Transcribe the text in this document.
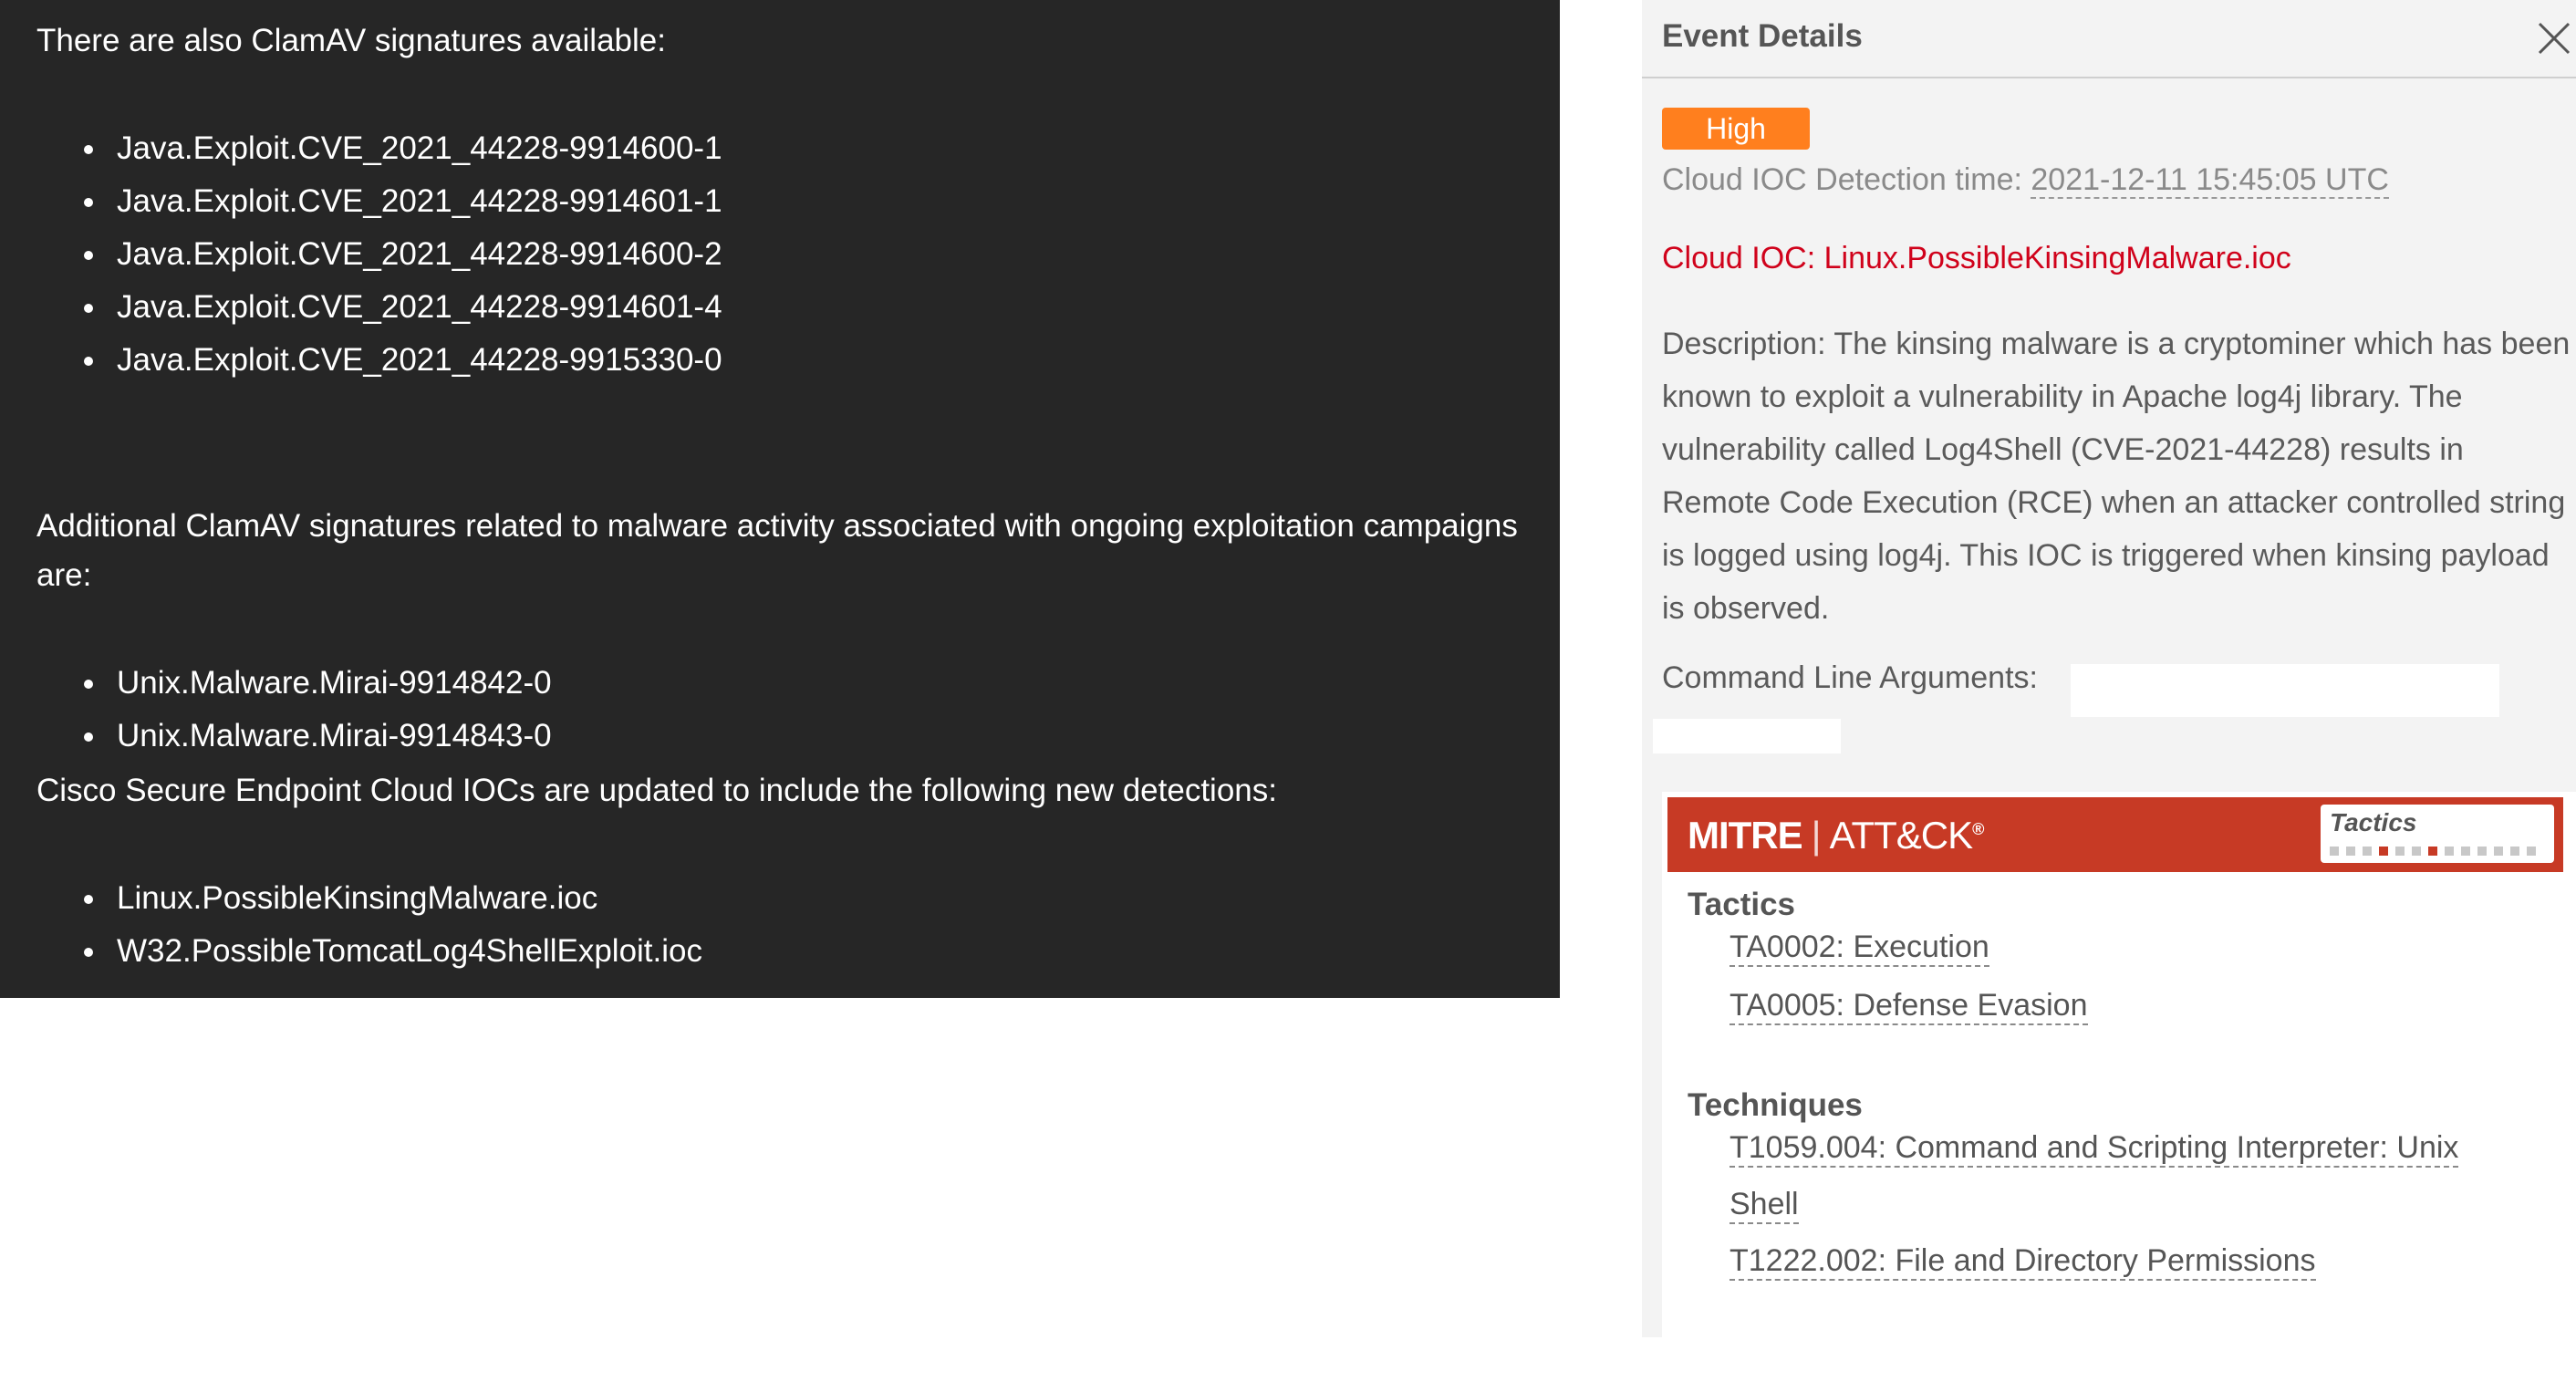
There are also ClamAV signatures available:

Java.Exploit.CVE_2021_44228-9914600-1
Java.Exploit.CVE_2021_44228-9914601-1
Java.Exploit.CVE_2021_44228-9914600-2
Java.Exploit.CVE_2021_44228-9914601-4
Java.Exploit.CVE_2021_44228-9915330-0

Additional ClamAV signatures related to malware activity associated with ongoing exploitation campaigns are:

Unix.Malware.Mirai-9914842-0
Unix.Malware.Mirai-9914843-0

Cisco Secure Endpoint Cloud IOCs are updated to include the following new detections:

Linux.PossibleKinsingMalware.ioc
W32.PossibleTomcatLog4ShellExploit.ioc
Event Details
High
Cloud IOC Detection time: 2021-12-11 15:45:05 UTC
Cloud IOC: Linux.PossibleKinsingMalware.ioc

Description: The kinsing malware is a cryptominer which has been known to exploit a vulnerability in Apache log4j library. The vulnerability called Log4Shell (CVE-2021-44228) results in Remote Code Execution (RCE) when an attacker controlled string is logged using log4j. This IOC is triggered when kinsing payload is observed.

Command Line Arguments:
MITRE | ATT&CK®	Tactics
Tactics
TA0002: Execution
TA0005: Defense Evasion
Techniques
T1059.004: Command and Scripting Interpreter: Unix
Shell
T1222.002: File and Directory Permissions
